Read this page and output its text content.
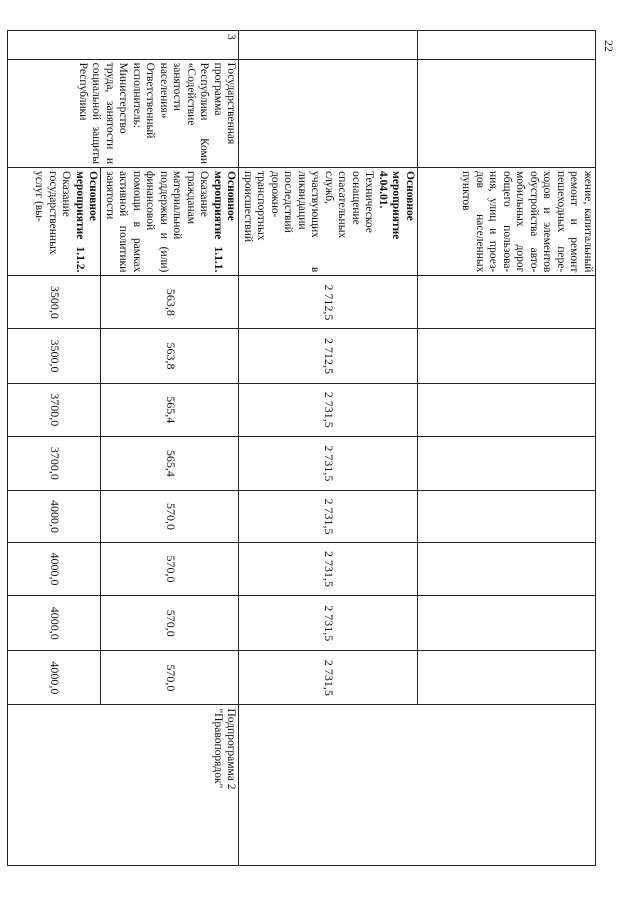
22
		жение, капитальный ремонт и ремонт пешеходных пере-ходов и элементов обустройства авто-мобильных дорог общего пользова-ния, улиц и проез-дов населенных пунктов									
		Основное мероприятие 4.04.01. Техническое оснащение спасательных служб, участвующих в ликвидации последствий дорожно-транспортных происшествий	2 712,5	2 712,5	2 731,5	2 731,5	2 731,5	2 731,5	2 731,5	2 731,5	
3	Государственная программа Республики Коми «Содействие занятости населения» Ответственный исполнитель: Министерство труда, занятости и социальной защиты Республики	Основное мероприятие 1.1.1. Оказание гражданам материальной поддержки и (или) финансовой помощи в рамках активной политики занятости	563,8	563,8	565,4	565,4	570,0	570,0	570,0	570,0	Подпрограмма 2 "Правопорядок"
		Основное мероприятие 1.1.2. Оказание государственных услуг (вы-	3500,0	3500,0	3700,0	3700,0	4000,0	4000,0	4000,0	4000,0	
